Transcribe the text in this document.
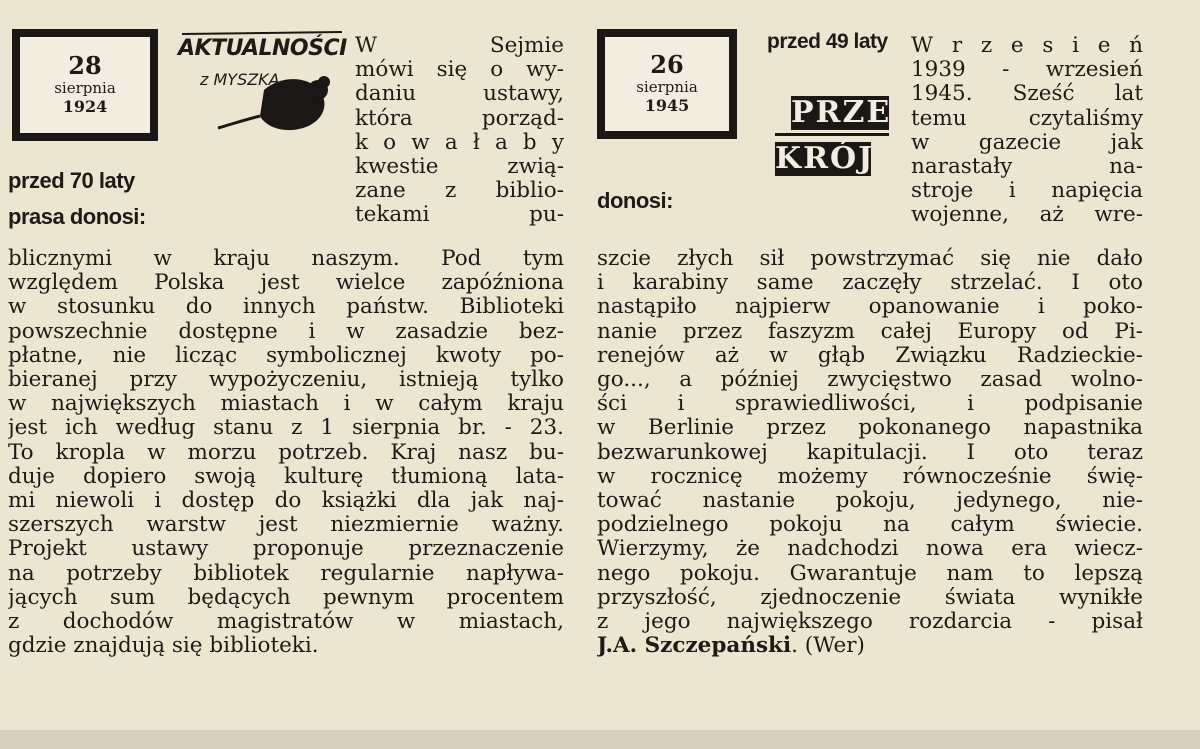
28
sierpnia
1924
AKTUALNOŚCI
z MYSZKĄ
przed 70 laty
prasa donosi:
W Sejmie
mówi się o wy-
daniu ustawy,
która porząd-
k o w a ł a b y
kwestie zwią-
zane z biblio-
tekami pu-
blicznymi w kraju naszym. Pod tym
względem Polska jest wielce zapóźniona
w stosunku do innych państw. Biblioteki
powszechnie dostępne i w zasadzie bez-
płatne, nie licząc symbolicznej kwoty po-
bieranej przy wypożyczeniu, istnieją tylko
w największych miastach i w całym kraju
jest ich według stanu z 1 sierpnia br. - 23.
To kropla w morzu potrzeb. Kraj nasz bu-
duje dopiero swoją kulturę tłumioną lata-
mi niewoli i dostęp do książki dla jak naj-
szerszych warstw jest niezmiernie ważny.
Projekt ustawy proponuje przeznaczenie
na potrzeby bibliotek regularnie napływa-
jących sum będących pewnym procentem
z dochodów magistratów w miastach,
gdzie znajdują się biblioteki.
26
sierpnia
1945
przed 49 laty
donosi:
PRZE
KRÓJ
W r z e s i e ń
1939 - wrzesień
1945. Sześć lat
temu czytaliśmy
w gazecie jak
narastały na-
stroje i napięcia
wojenne, aż wre-
szcie złych sił powstrzymać się nie dało
i karabiny same zaczęły strzelać. I oto
nastąpiło najpierw opanowanie i poko-
nanie przez faszyzm całej Europy od Pi-
renejów aż w głąb Związku Radzieckie-
go..., a później zwycięstwo zasad wolno-
ści i sprawiedliwości, i podpisanie
w Berlinie przez pokonanego napastnika
bezwarunkowej kapitulacji. I oto teraz
w rocznicę możemy równocześnie świę-
tować nastanie pokoju, jedynego, nie-
podzielnego pokoju na całym świecie.
Wierzymy, że nadchodzi nowa era wiecz-
nego pokoju. Gwarantuje nam to lepszą
przyszłość, zjednoczenie świata wynikłe
z jego największego rozdarcia - pisał
J.A. Szczepański. (Wer)
